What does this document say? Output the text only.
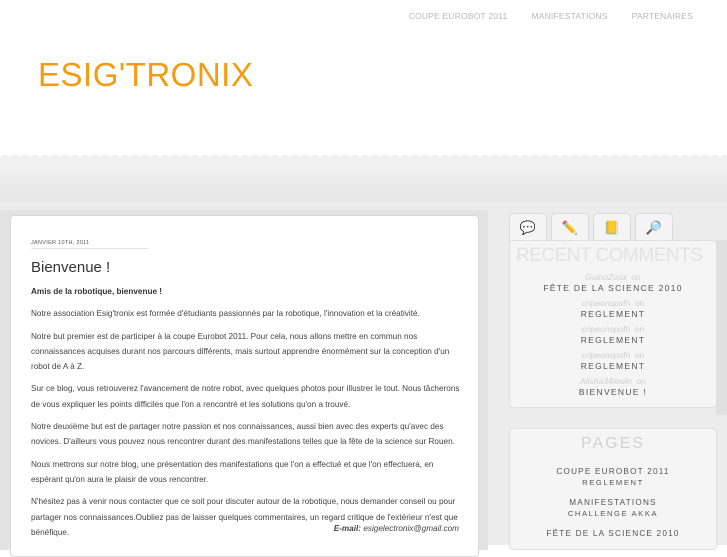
COUPE EUROBOT 2011	MANIFESTATIONS	PARTENAIRES
ESIG'TRONIX
JANVIER 10TH, 2011
Bienvenue !

Amis de la robotique, bienvenue !

Notre association Esig'tronix est formée d'étudiants passionnés par la robotique, l'innovation et la créativité.

Notre but premier est de participer à la coupe Eurobot 2011. Pour cela, nous allons mettre en commun nos connaissances acquises durant nos parcours différents, mais surtout apprendre énormément sur la conception d'un robot de A à Z.

Sur ce blog, vous retrouverez l'avancement de notre robot, avec quelques photos pour illustrer le tout. Nous tâcherons de vous expliquer les points difficiles que l'on a rencontré et les solutions qu'on a trouvé.

Notre deuxième but est de partager notre passion et nos connaissances, aussi bien avec des experts qu'avec des novices. D'ailleurs vous pouvez nous rencontrer durant des manifestations telles que la fête de la science sur Rouen.

Nous mettrons sur notre blog, une présentation des manifestations que l'on a effectué et que l'on effectuera, en espérant qu'on aura le plaisir de vous rencontrer.

N'hésitez pas à venir nous contacter que ce soit pour discuter autour de la robotique, nous demander conseil ou pour partager nos connaissances.Oubliez pas de laisser quelques commentaires, un regard critique de l'extérieur n'est que bénéfique.	E-mail: esigelectronix@gmail.com
💬	✏️	📒	🔎
RECENT COMMENTS
GuinoZoox on
FÊTE DE LA SCIENCE 2010
cripeonspofn on
REGLEMENT
cripeonspofn on
REGLEMENT
cripeonspofn on
REGLEMENT
Alisha34lewin on
BIENVENUE !
PAGES
COUPE EUROBOT 2011
REGLEMENT
MANIFESTATIONS
CHALLENGE AKKA
FÊTE DE LA SCIENCE 2010
